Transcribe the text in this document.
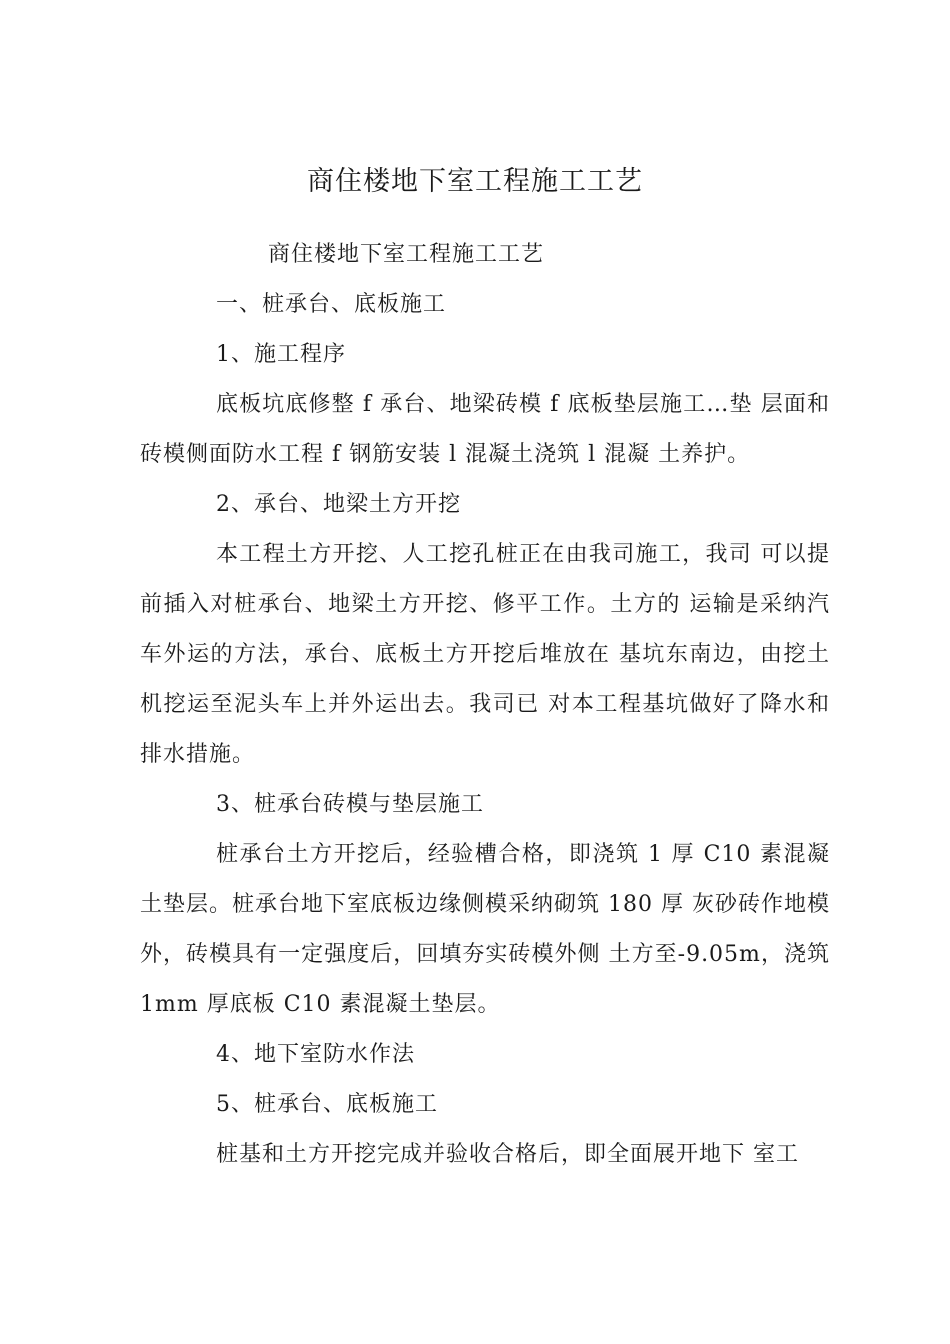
商住楼地下室工程施工工艺

商住楼地下室工程施工工艺

一、桩承台、底板施工

1、施工程序

底板坑底修整 f 承台、地梁砖模 f 底板垫层施工…垫 层面和砖模侧面防水工程 f 钢筋安装 l 混凝土浇筑 l 混凝 土养护。

2、承台、地梁土方开挖

本工程土方开挖、人工挖孔桩正在由我司施工，我司 可以提前插入对桩承台、地梁土方开挖、修平工作。土方的 运输是采纳汽车外运的方法，承台、底板土方开挖后堆放在 基坑东南边，由挖土机挖运至泥头车上并外运出去。我司已 对本工程基坑做好了降水和排水措施。

3、桩承台砖模与垫层施工

桩承台土方开挖后，经验槽合格，即浇筑 1 厚 C10 素混凝土垫层。桩承台地下室底板边缘侧模采纳砌筑 180 厚 灰砂砖作地模外，砖模具有一定强度后，回填夯实砖模外侧 土方至-9.05m，浇筑 1mm 厚底板 C10 素混凝土垫层。

4、地下室防水作法

5、桩承台、底板施工

桩基和土方开挖完成并验收合格后，即全面展开地下 室工
